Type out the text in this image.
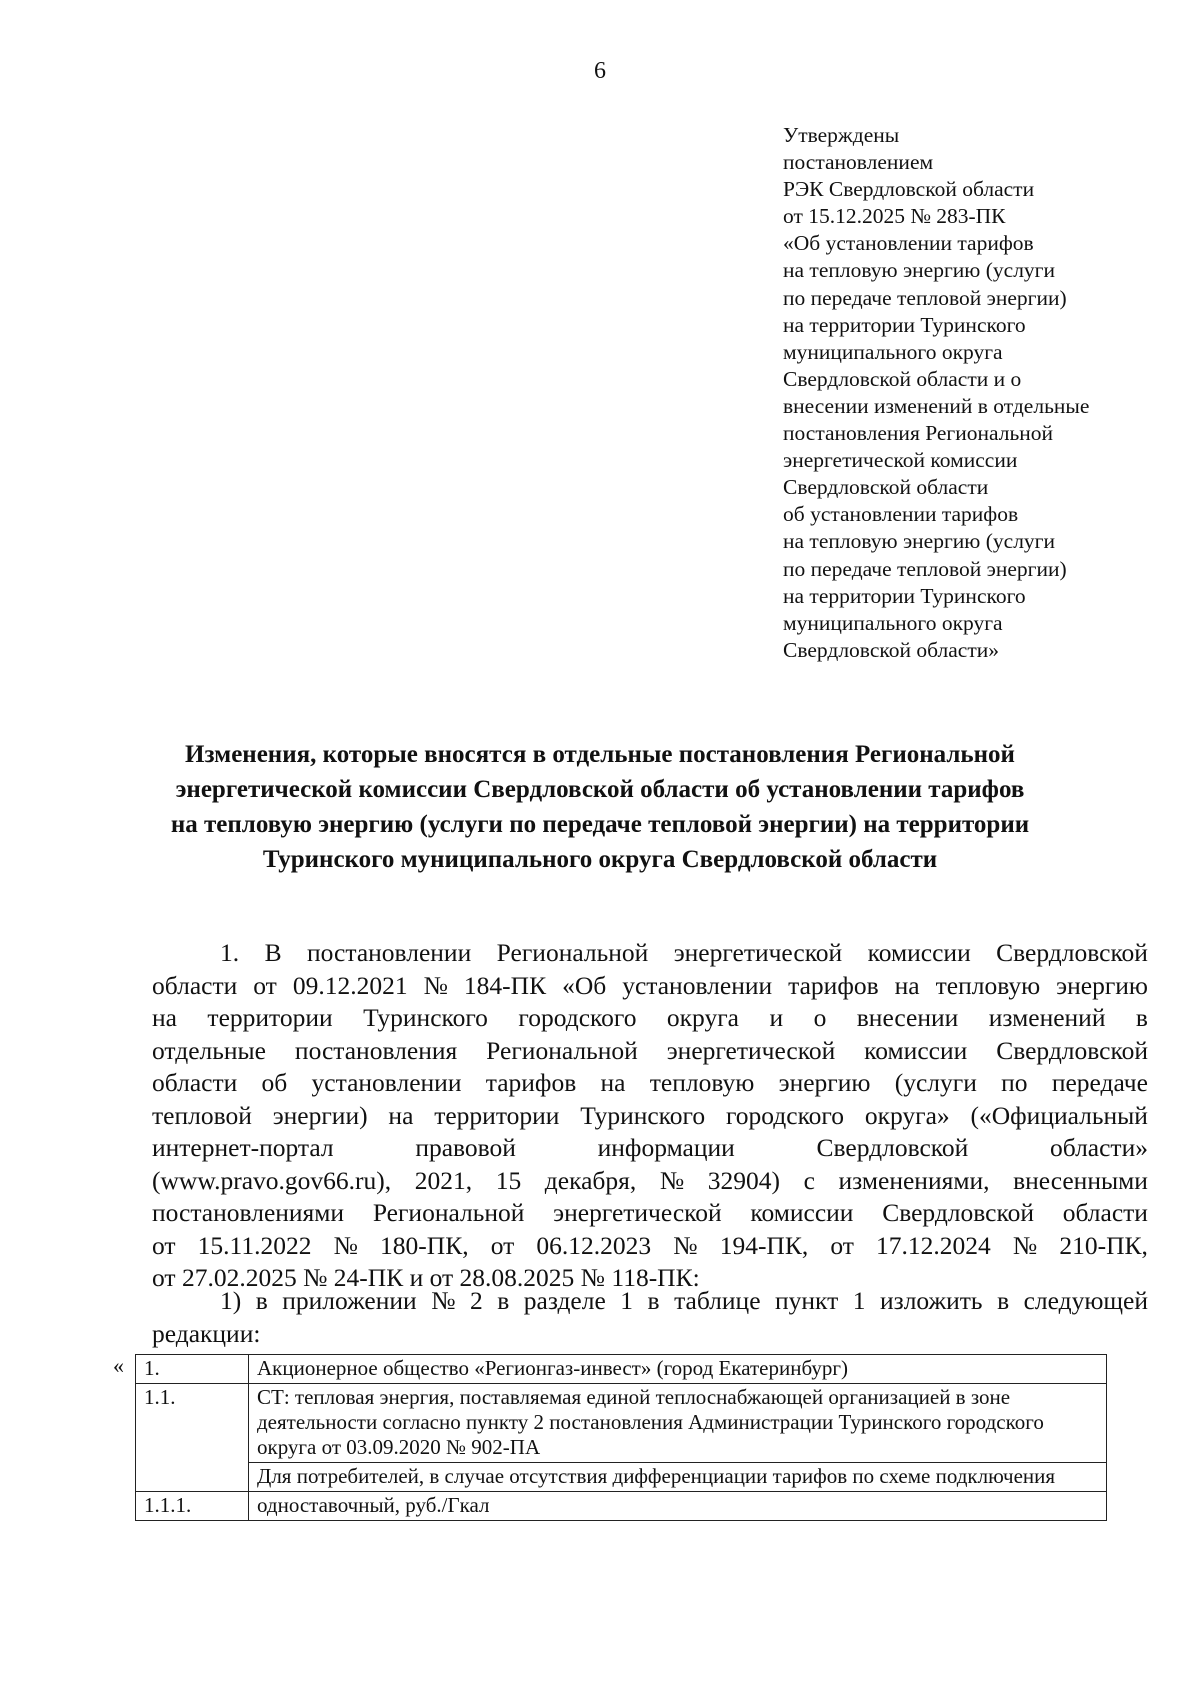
6
Утверждены
постановлением
РЭК Свердловской области
от 15.12.2025 № 283-ПК
«Об установлении тарифов
на тепловую энергию (услуги
по передаче тепловой энергии)
на территории Туринского
муниципального округа
Свердловской области и о
внесении изменений в отдельные
постановления Региональной
энергетической комиссии
Свердловской области
об установлении тарифов
на тепловую энергию (услуги
по передаче тепловой энергии)
на территории Туринского
муниципального округа
Свердловской области»
Изменения, которые вносятся в отдельные постановления Региональной
энергетической комиссии Свердловской области об установлении тарифов
на тепловую энергию (услуги по передаче тепловой энергии) на территории
Туринского муниципального округа Свердловской области
1. В постановлении Региональной энергетической комиссии Свердловской
области от 09.12.2021 № 184-ПК «Об установлении тарифов на тепловую энергию
на территории Туринского городского округа и о внесении изменений в
отдельные постановления Региональной энергетической комиссии Свердловской
области об установлении тарифов на тепловую энергию (услуги по передаче
тепловой энергии) на территории Туринского городского округа» («Официальный
интернет-портал	правовой	информации	Свердловской	области»
(www.pravo.gov66.ru), 2021, 15 декабря, № 32904) с изменениями, внесенными
постановлениями Региональной энергетической комиссии Свердловской области
от 15.11.2022 № 180-ПК, от 06.12.2023 № 194-ПК, от 17.12.2024 № 210-ПК,
от 27.02.2025 № 24-ПК и от 28.08.2025 № 118-ПК:
1) в приложении № 2 в разделе 1 в таблице пункт 1 изложить в следующей
редакции:
« 1.	Акционерное общество «Регионгаз-инвест» (город Екатеринбург)
1.1.	СТ: тепловая энергия, поставляемая единой теплоснабжающей организацией в зоне деятельности согласно пункту 2 постановления Администрации Туринского городского округа от 03.09.2020 № 902-ПА
	Для потребителей, в случае отсутствия дифференциации тарифов по схеме подключения
1.1.1.	одноставочный, руб./Гкал
